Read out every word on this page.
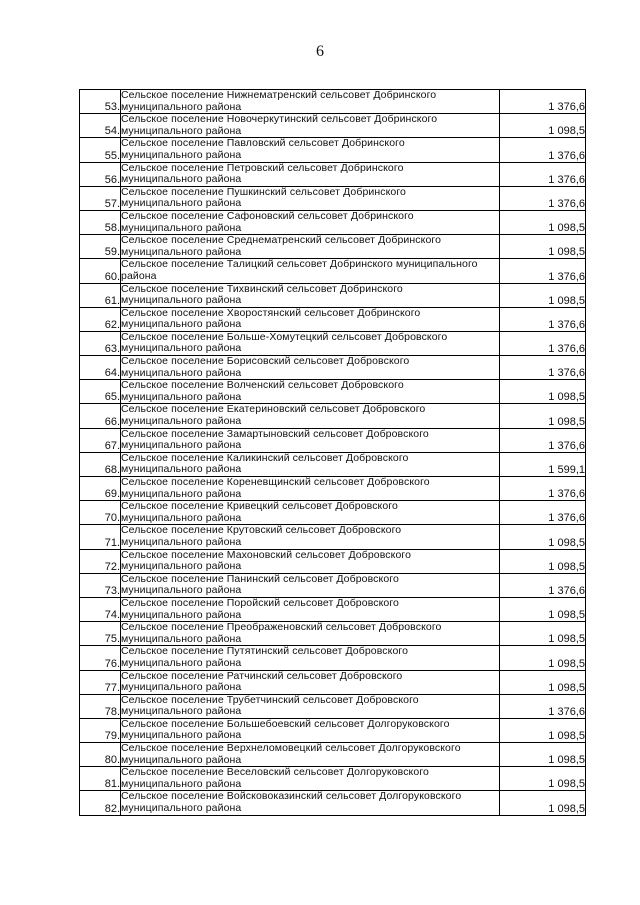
6
53.	Сельское поселение Нижнематренский сельсовет Добринского
муниципального района	1 376,6
54.	Сельское поселение Новочеркутинский сельсовет Добринского
муниципального района	1 098,5
55.	Сельское поселение Павловский сельсовет Добринского
муниципального района	1 376,6
56.	Сельское поселение Петровский сельсовет Добринского
муниципального района	1 376,6
57.	Сельское поселение Пушкинский сельсовет Добринского
муниципального района	1 376,6
58.	Сельское поселение Сафоновский сельсовет Добринского
муниципального района	1 098,5
59.	Сельское поселение Среднематренский сельсовет Добринского
муниципального района	1 098,5
60.	Сельское поселение Талицкий сельсовет Добринского муниципального
района	1 376,6
61.	Сельское поселение Тихвинский сельсовет Добринского
муниципального района	1 098,5
62.	Сельское поселение Хворостянский сельсовет Добринского
муниципального района	1 376,6
63.	Сельское поселение Больше-Хомутецкий сельсовет Добровского
муниципального района	1 376,6
64.	Сельское поселение Борисовский сельсовет Добровского
муниципального района	1 376,6
65.	Сельское поселение Волченский сельсовет Добровского
муниципального района	1 098,5
66.	Сельское поселение Екатериновский сельсовет Добровского
муниципального района	1 098,5
67.	Сельское поселение Замартыновский сельсовет Добровского
муниципального района	1 376,6
68.	Сельское поселение Каликинский сельсовет Добровского
муниципального района	1 599,1
69.	Сельское поселение Кореневщинский сельсовет Добровского
муниципального района	1 376,6
70.	Сельское поселение Кривецкий сельсовет Добровского
муниципального района	1 376,6
71.	Сельское поселение Крутовский сельсовет Добровского
муниципального района	1 098,5
72.	Сельское поселение Махоновский сельсовет Добровского
муниципального района	1 098,5
73.	Сельское поселение Панинский сельсовет Добровского
муниципального района	1 376,6
74.	Сельское поселение Поройский сельсовет Добровского
муниципального района	1 098,5
75.	Сельское поселение Преображеновский сельсовет Добровского
муниципального района	1 098,5
76.	Сельское поселение Путятинский сельсовет Добровского
муниципального района	1 098,5
77.	Сельское поселение Ратчинский сельсовет Добровского
муниципального района	1 098,5
78.	Сельское поселение Трубетчинский сельсовет Добровского
муниципального района	1 376,6
79.	Сельское поселение Большебоевский сельсовет Долгоруковского
муниципального района	1 098,5
80.	Сельское поселение Верхнеломовецкий сельсовет Долгоруковского
муниципального района	1 098,5
81.	Сельское поселение Веселовский сельсовет Долгоруковского
муниципального района	1 098,5
82.	Сельское поселение Войсковоказинский сельсовет Долгоруковского
муниципального района	1 098,5
